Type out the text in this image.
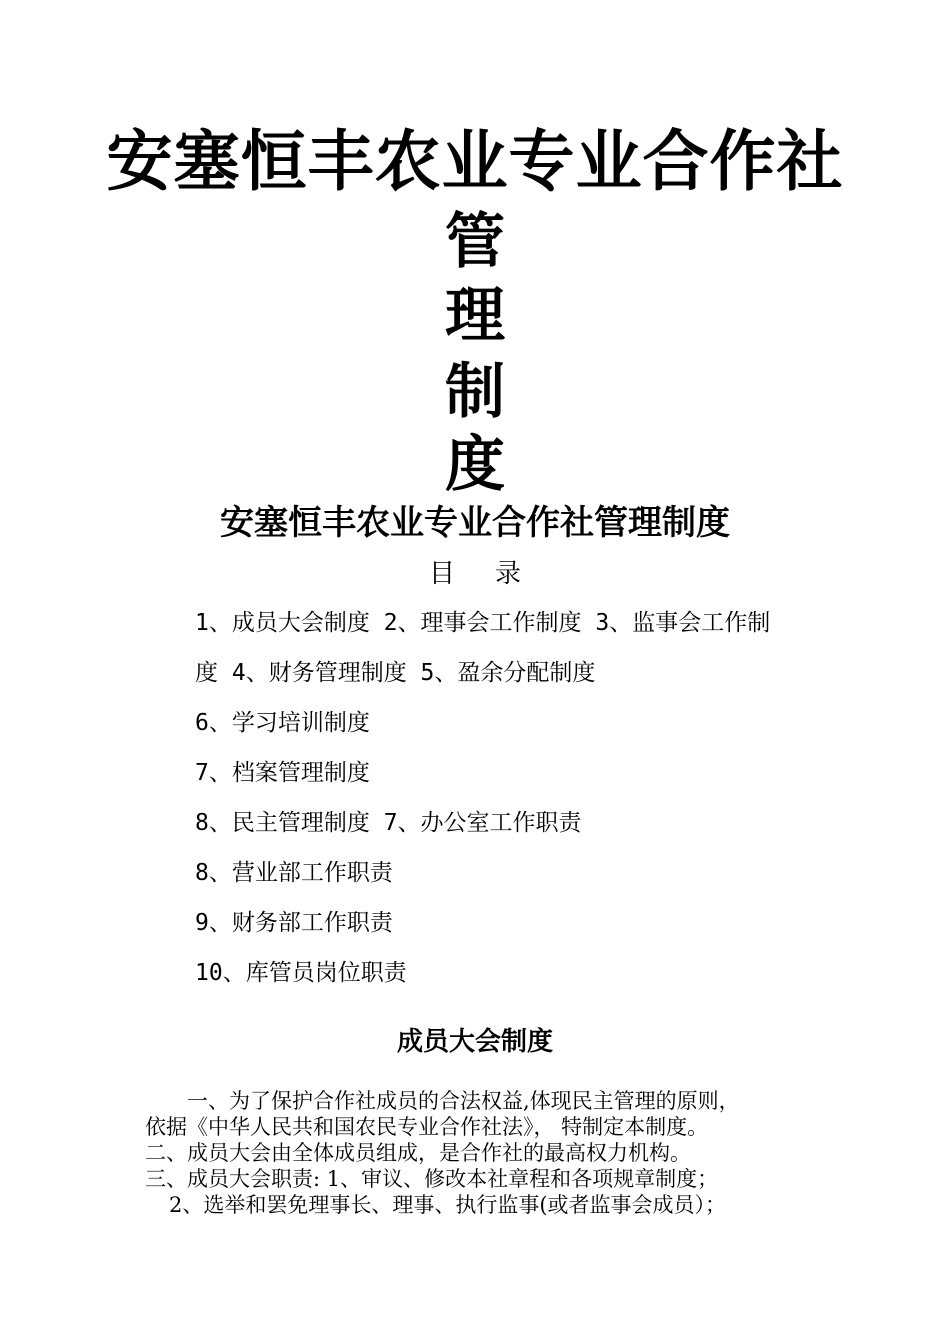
安塞恒丰农业专业合作社
管
理
制
度
安塞恒丰农业专业合作社管理制度
目录
1、成员大会制度 2、理事会工作制度 3、监事会工作制
度 4、财务管理制度 5、盈余分配制度
6、学习培训制度
7、档案管理制度
8、民主管理制度 7、办公室工作职责
8、营业部工作职责
9、财务部工作职责
10、库管员岗位职责
成员大会制度

一、为了保护合作社成员的合法权益,体现民主管理的原则，

依据《中华人民共和国农民专业合作社法》， 特制定本制度。

二、成员大会由全体成员组成，是合作社的最高权力机构。

三、成员大会职责: 1、审议、修改本社章程和各项规章制度；

2、选举和罢免理事长、理事、执行监事(或者监事会成员）；
